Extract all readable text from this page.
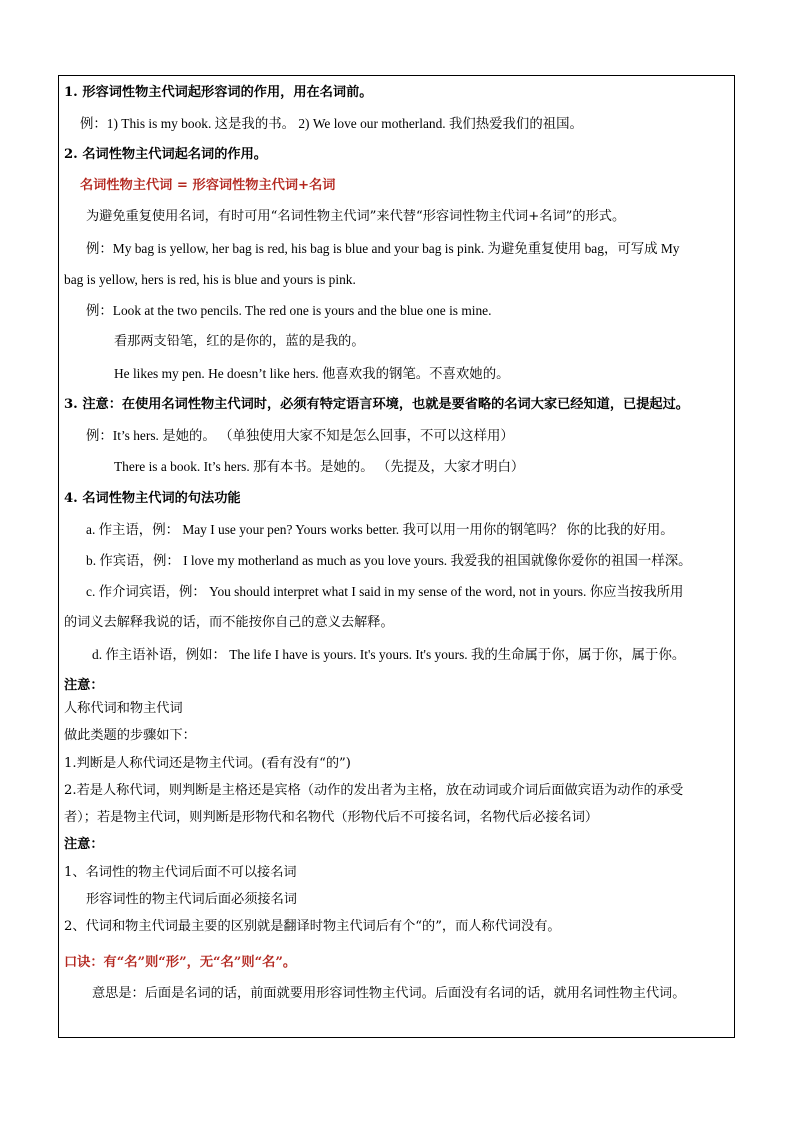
1. 形容词性物主代词起形容词的作用，用在名词前。
例：1) This is my book. 这是我的书。 2) We love our motherland. 我们热爱我们的祖国。
2. 名词性物主代词起名词的作用。
名词性物主代词 = 形容词性物主代词+名词
为避免重复使用名词，有时可用“名词性物主代词”来代替“形容词性物主代词+名词”的形式。
例：My bag is yellow, her bag is red, his bag is blue and your bag is pink. 为避免重复使用 bag，可写成 My
bag is yellow, hers is red, his is blue and yours is pink.
例：Look at the two pencils. The red one is yours and the blue one is mine.
看那两支铅笔，红的是你的，蓝的是我的。
He likes my pen. He doesn’t like hers. 他喜欢我的钢笔。不喜欢她的。
3. 注意：在使用名词性物主代词时，必须有特定语言环境，也就是要省略的名词大家已经知道，已提起过。
例：It’s hers. 是她的。 （单独使用大家不知是怎么回事，不可以这样用）
There is a book. It’s hers. 那有本书。是她的。 （先提及，大家才明白）
4. 名词性物主代词的句法功能
a. 作主语，例： May I use your pen? Yours works better. 我可以用一用你的钢笔吗？ 你的比我的好用。
b. 作宾语，例： I love my motherland as much as you love yours. 我爱我的祖国就像你爱你的祖国一样深。
c. 作介词宾语，例： You should interpret what I said in my sense of the word, not in yours. 你应当按我所用
的词义去解释我说的话，而不能按你自己的意义去解释。
d. 作主语补语，例如： The life I have is yours. It's yours. It's yours. 我的生命属于你，属于你，属于你。
注意：
人称代词和物主代词
做此类题的步骤如下：
1.判断是人称代词还是物主代词。(看有没有“的”)
2.若是人称代词，则判断是主格还是宾格（动作的发出者为主格，放在动词或介词后面做宾语为动作的承受
者）；若是物主代词，则判断是形物代和名物代（形物代后不可接名词，名物代后必接名词）
注意：
1、名词性的物主代词后面不可以接名词
形容词性的物主代词后面必须接名词
2、代词和物主代词最主要的区别就是翻译时物主代词后有个“的”，而人称代词没有。
口诀：有“名”则“形”，无“名”则“名”。
意思是：后面是名词的话，前面就要用形容词性物主代词。后面没有名词的话，就用名词性物主代词。
